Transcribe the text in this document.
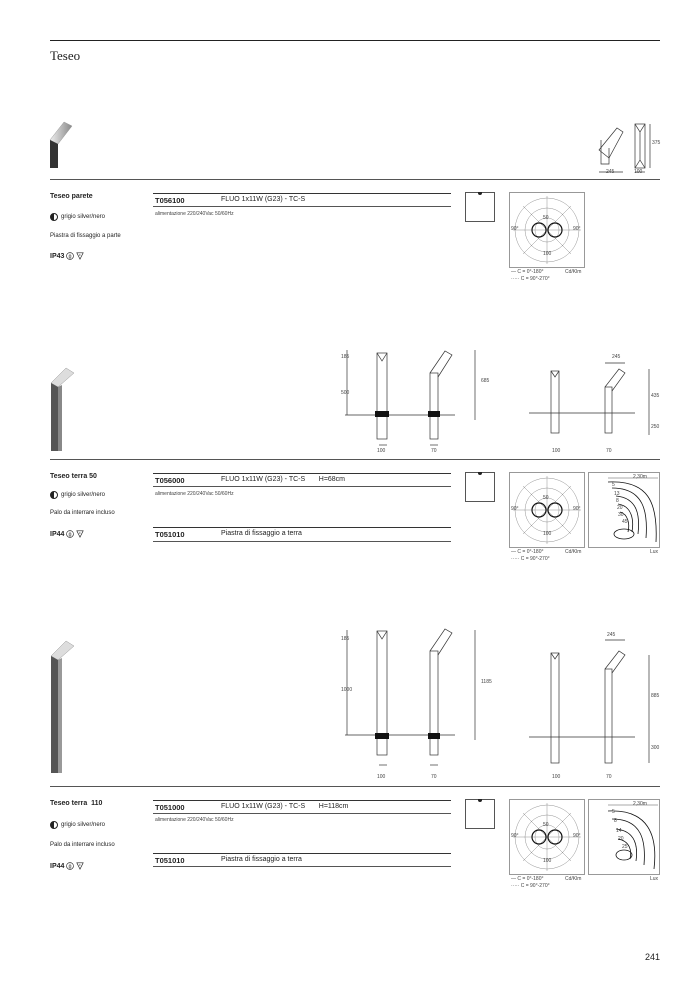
Teseo
375
245	100
Teseo parete
grigio silver/nero
Piastra di fissaggio a parte
IP43	F
T056100	FLUO 1x11W (G23) - TC-S
alimentazione 220/240Vac 50/60Hz
90°	90°
50
100
— C = 0°-180°
····· C = 90°-270°
Cd/Klm
185
500
685
100	70
245
435
250
100	70
Teseo terra 50
grigio silver/nero
Palo da interrare incluso
IP44	F
T056000	FLUO 1x11W (G23) - TC-S       H=68cm
alimentazione 220/240Vac 50/60Hz
T051010	Piastra di fissaggio a terra
90°	90°
50
100
— C = 0°-180°
····· C = 90°-270°
Cd/Klm
2,30m
5
13
8
20
30
45
Lux
185
1000
1185
100	70
245
885
300
100	70
Teseo terra  110
grigio silver/nero
Palo da interrare incluso
IP44	F
T051000	FLUO 1x11W (G23) - TC-S       H=118cm
alimentazione 220/240Vac 50/60Hz
T051010	Piastra di fissaggio a terra
90°	90°
50
100
— C = 0°-180°
····· C = 90°-270°
Cd/Klm
2,30m
5
8
14
20
25
Lux
241
